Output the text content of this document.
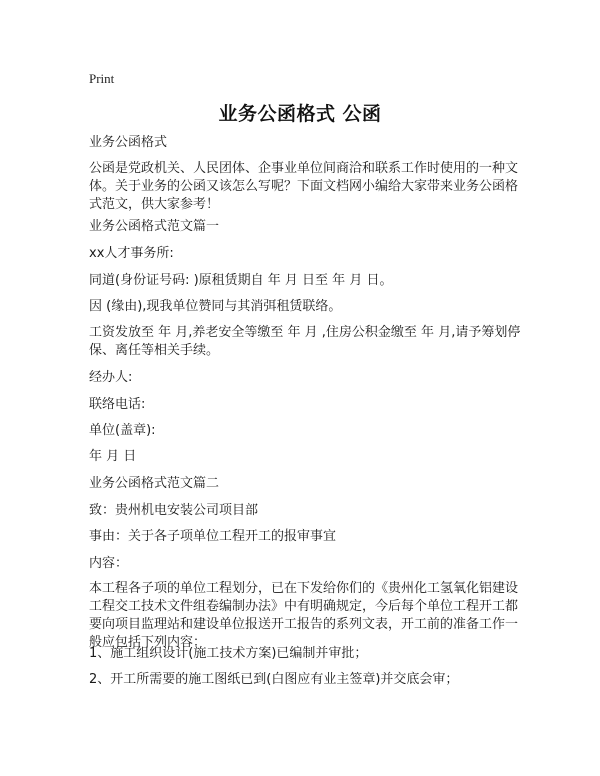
Print
业务公函格式 公函
业务公函格式
公函是党政机关、人民团体、企事业单位间商洽和联系工作时使用的一种文体。关于业务的公函又该怎么写呢？下面文档网小编给大家带来业务公函格式范文，供大家参考！
业务公函格式范文篇一
xx人才事务所:
同道(身份证号码: )原租赁期自 年 月 日至 年 月 日。
因 (缘由),现我单位赞同与其消弭租赁联络。
工资发放至 年 月,养老安全等缴至 年 月 ,住房公积金缴至 年 月,请予筹划停保、离任等相关手续。
经办人:
联络电话:
单位(盖章):
年 月 日
业务公函格式范文篇二
致：贵州机电安装公司项目部
事由：关于各子项单位工程开工的报审事宜
内容：
本工程各子项的单位工程划分，已在下发给你们的《贵州化工氢氧化铝建设工程交工技术文件组卷编制办法》中有明确规定，今后每个单位工程开工都要向项目监理站和建设单位报送开工报告的系列文表，开工前的准备工作一般应包括下列内容：
1、施工组织设计(施工技术方案)已编制并审批；
2、开工所需要的施工图纸已到(白图应有业主签章)并交底会审；
